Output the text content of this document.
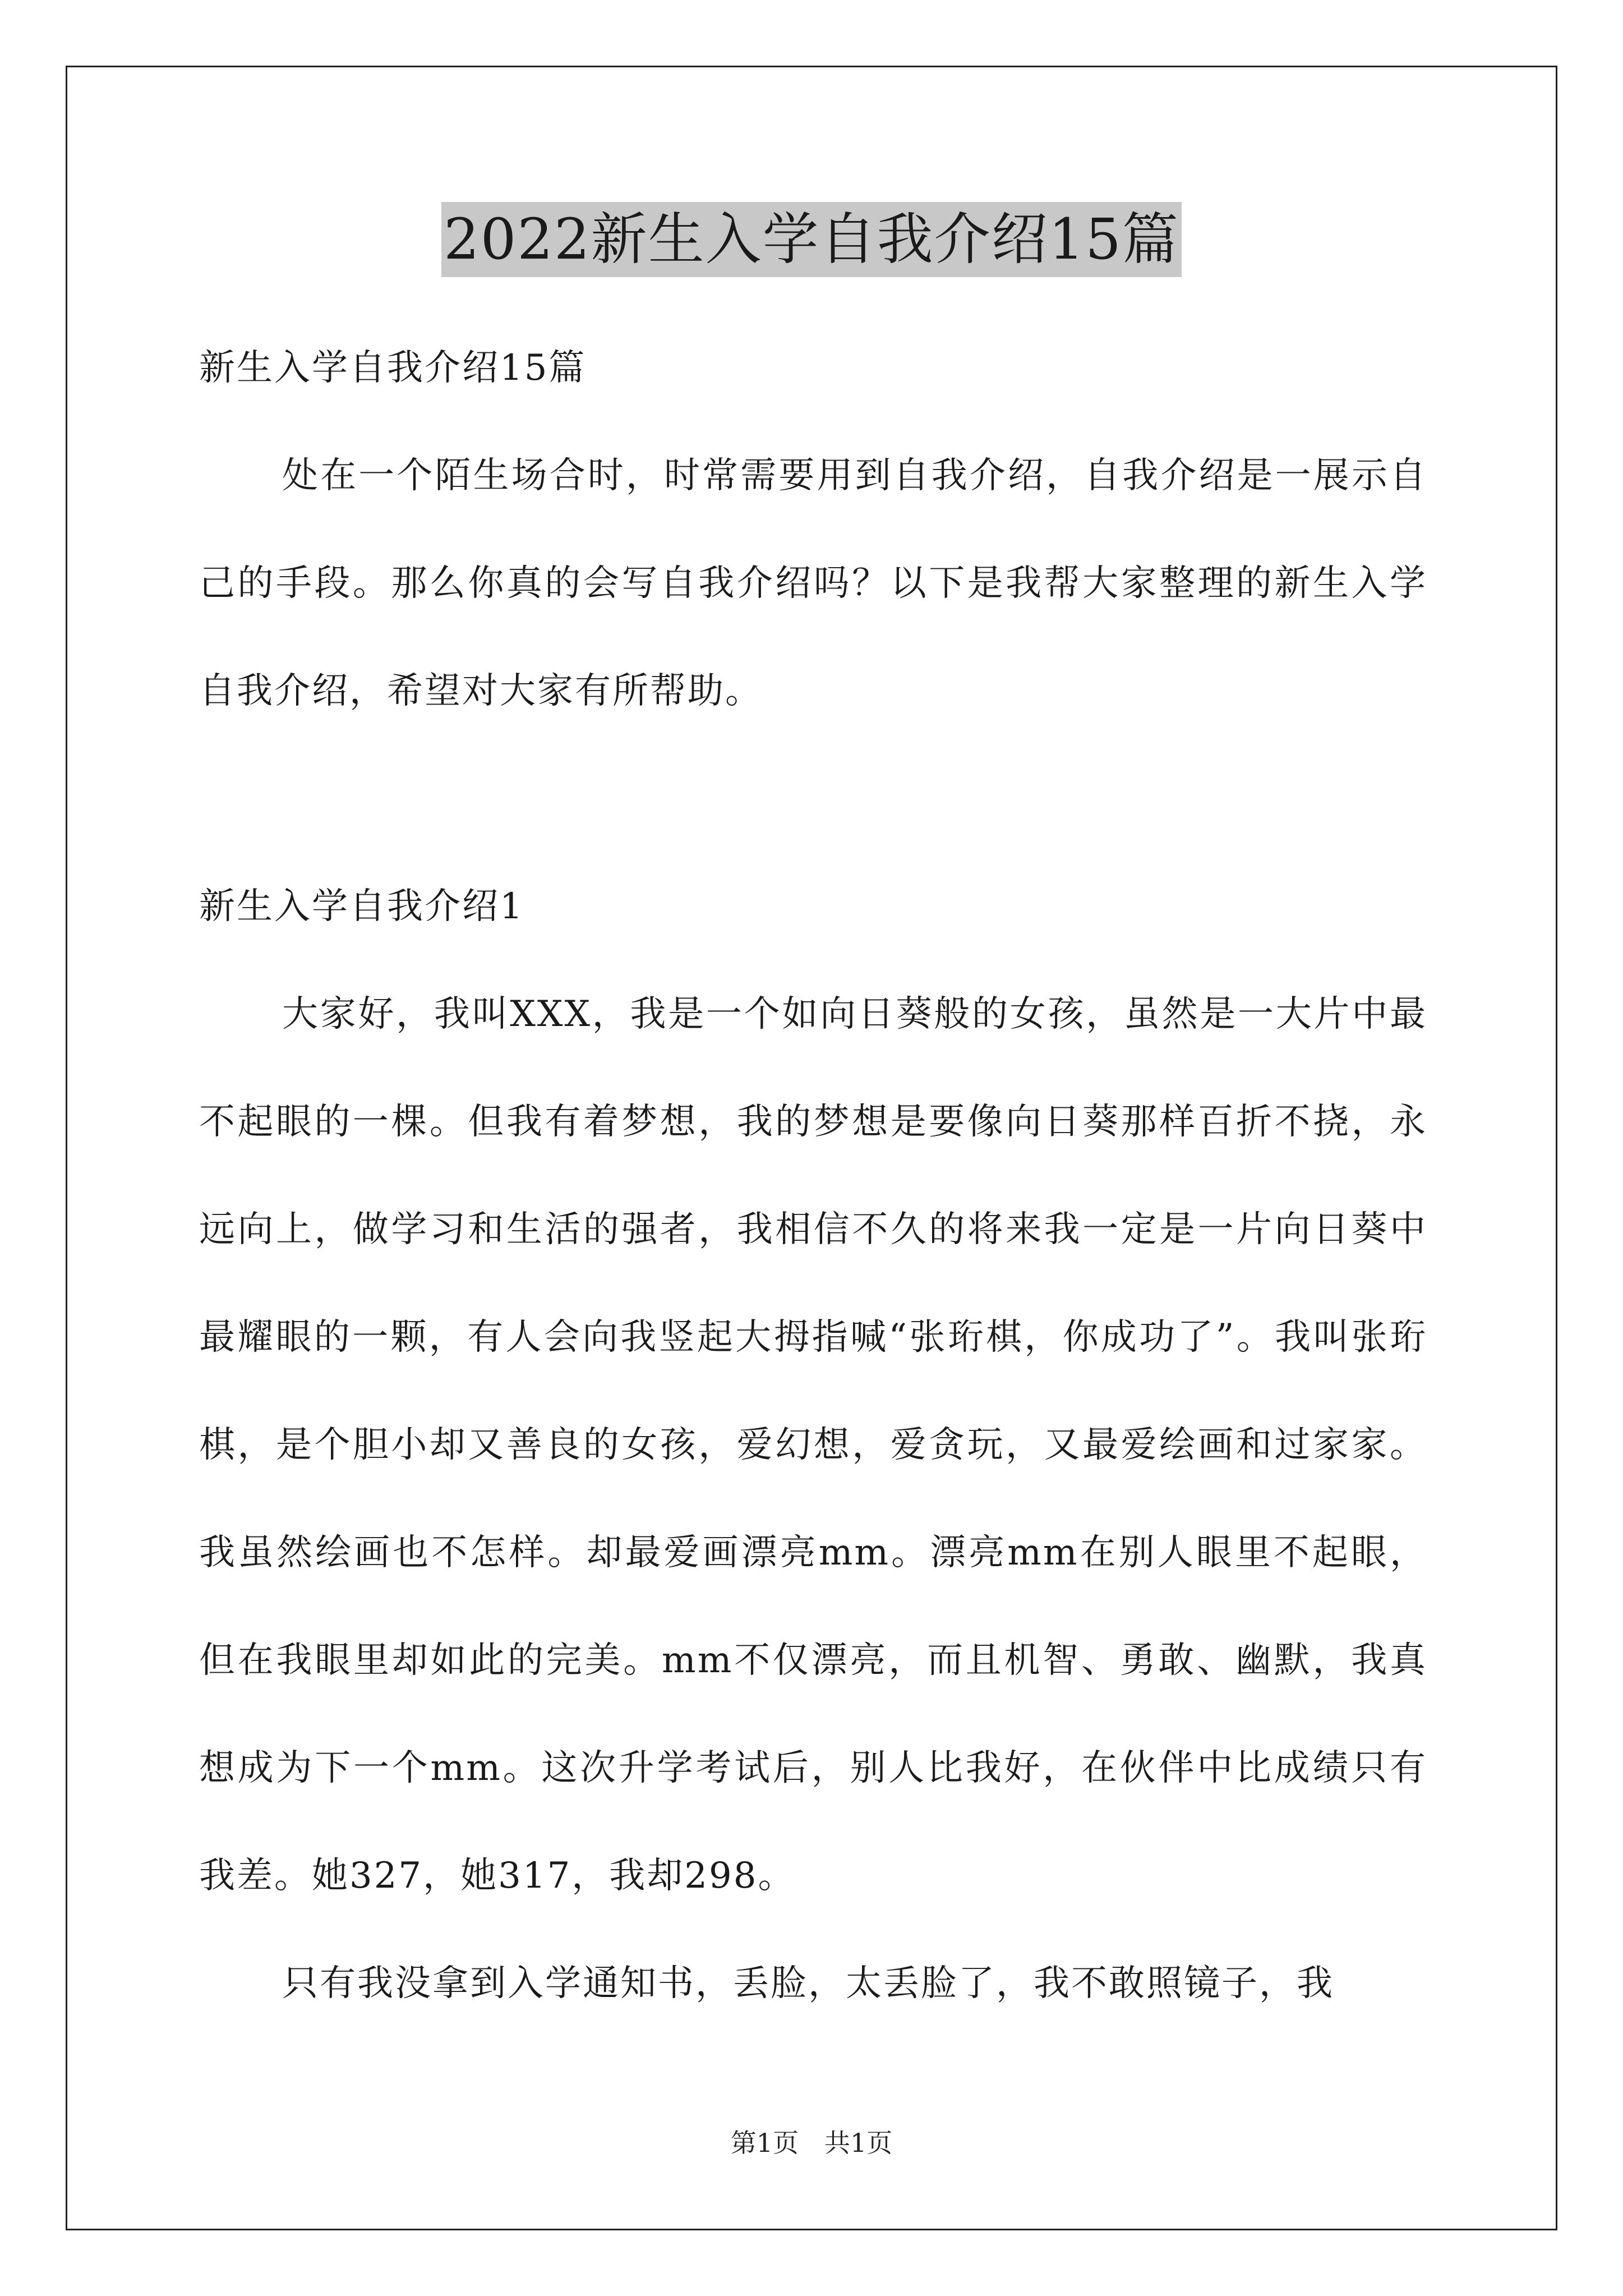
2022新生入学自我介绍15篇

新生入学自我介绍15篇

处在一个陌生场合时，时常需要用到自我介绍，自我介绍是一展示自己的手段。那么你真的会写自我介绍吗？以下是我帮大家整理的新生入学自我介绍，希望对大家有所帮助。

新生入学自我介绍1

大家好，我叫XXX，我是一个如向日葵般的女孩，虽然是一大片中最不起眼的一棵。但我有着梦想，我的梦想是要像向日葵那样百折不挠，永远向上，做学习和生活的强者，我相信不久的将来我一定是一片向日葵中最耀眼的一颗，有人会向我竖起大拇指喊“张珩棋，你成功了”。我叫张珩棋，是个胆小却又善良的女孩，爱幻想，爱贪玩，又最爱绘画和过家家。我虽然绘画也不怎样。却最爱画漂亮mm。漂亮mm在别人眼里不起眼，但在我眼里却如此的完美。mm不仅漂亮，而且机智、勇敢、幽默，我真想成为下一个mm。这次升学考试后，别人比我好，在伙伴中比成绩只有我差。她327，她317，我却298。

只有我没拿到入学通知书，丢脸，太丢脸了，我不敢照镜子，我

第1页　共1页
